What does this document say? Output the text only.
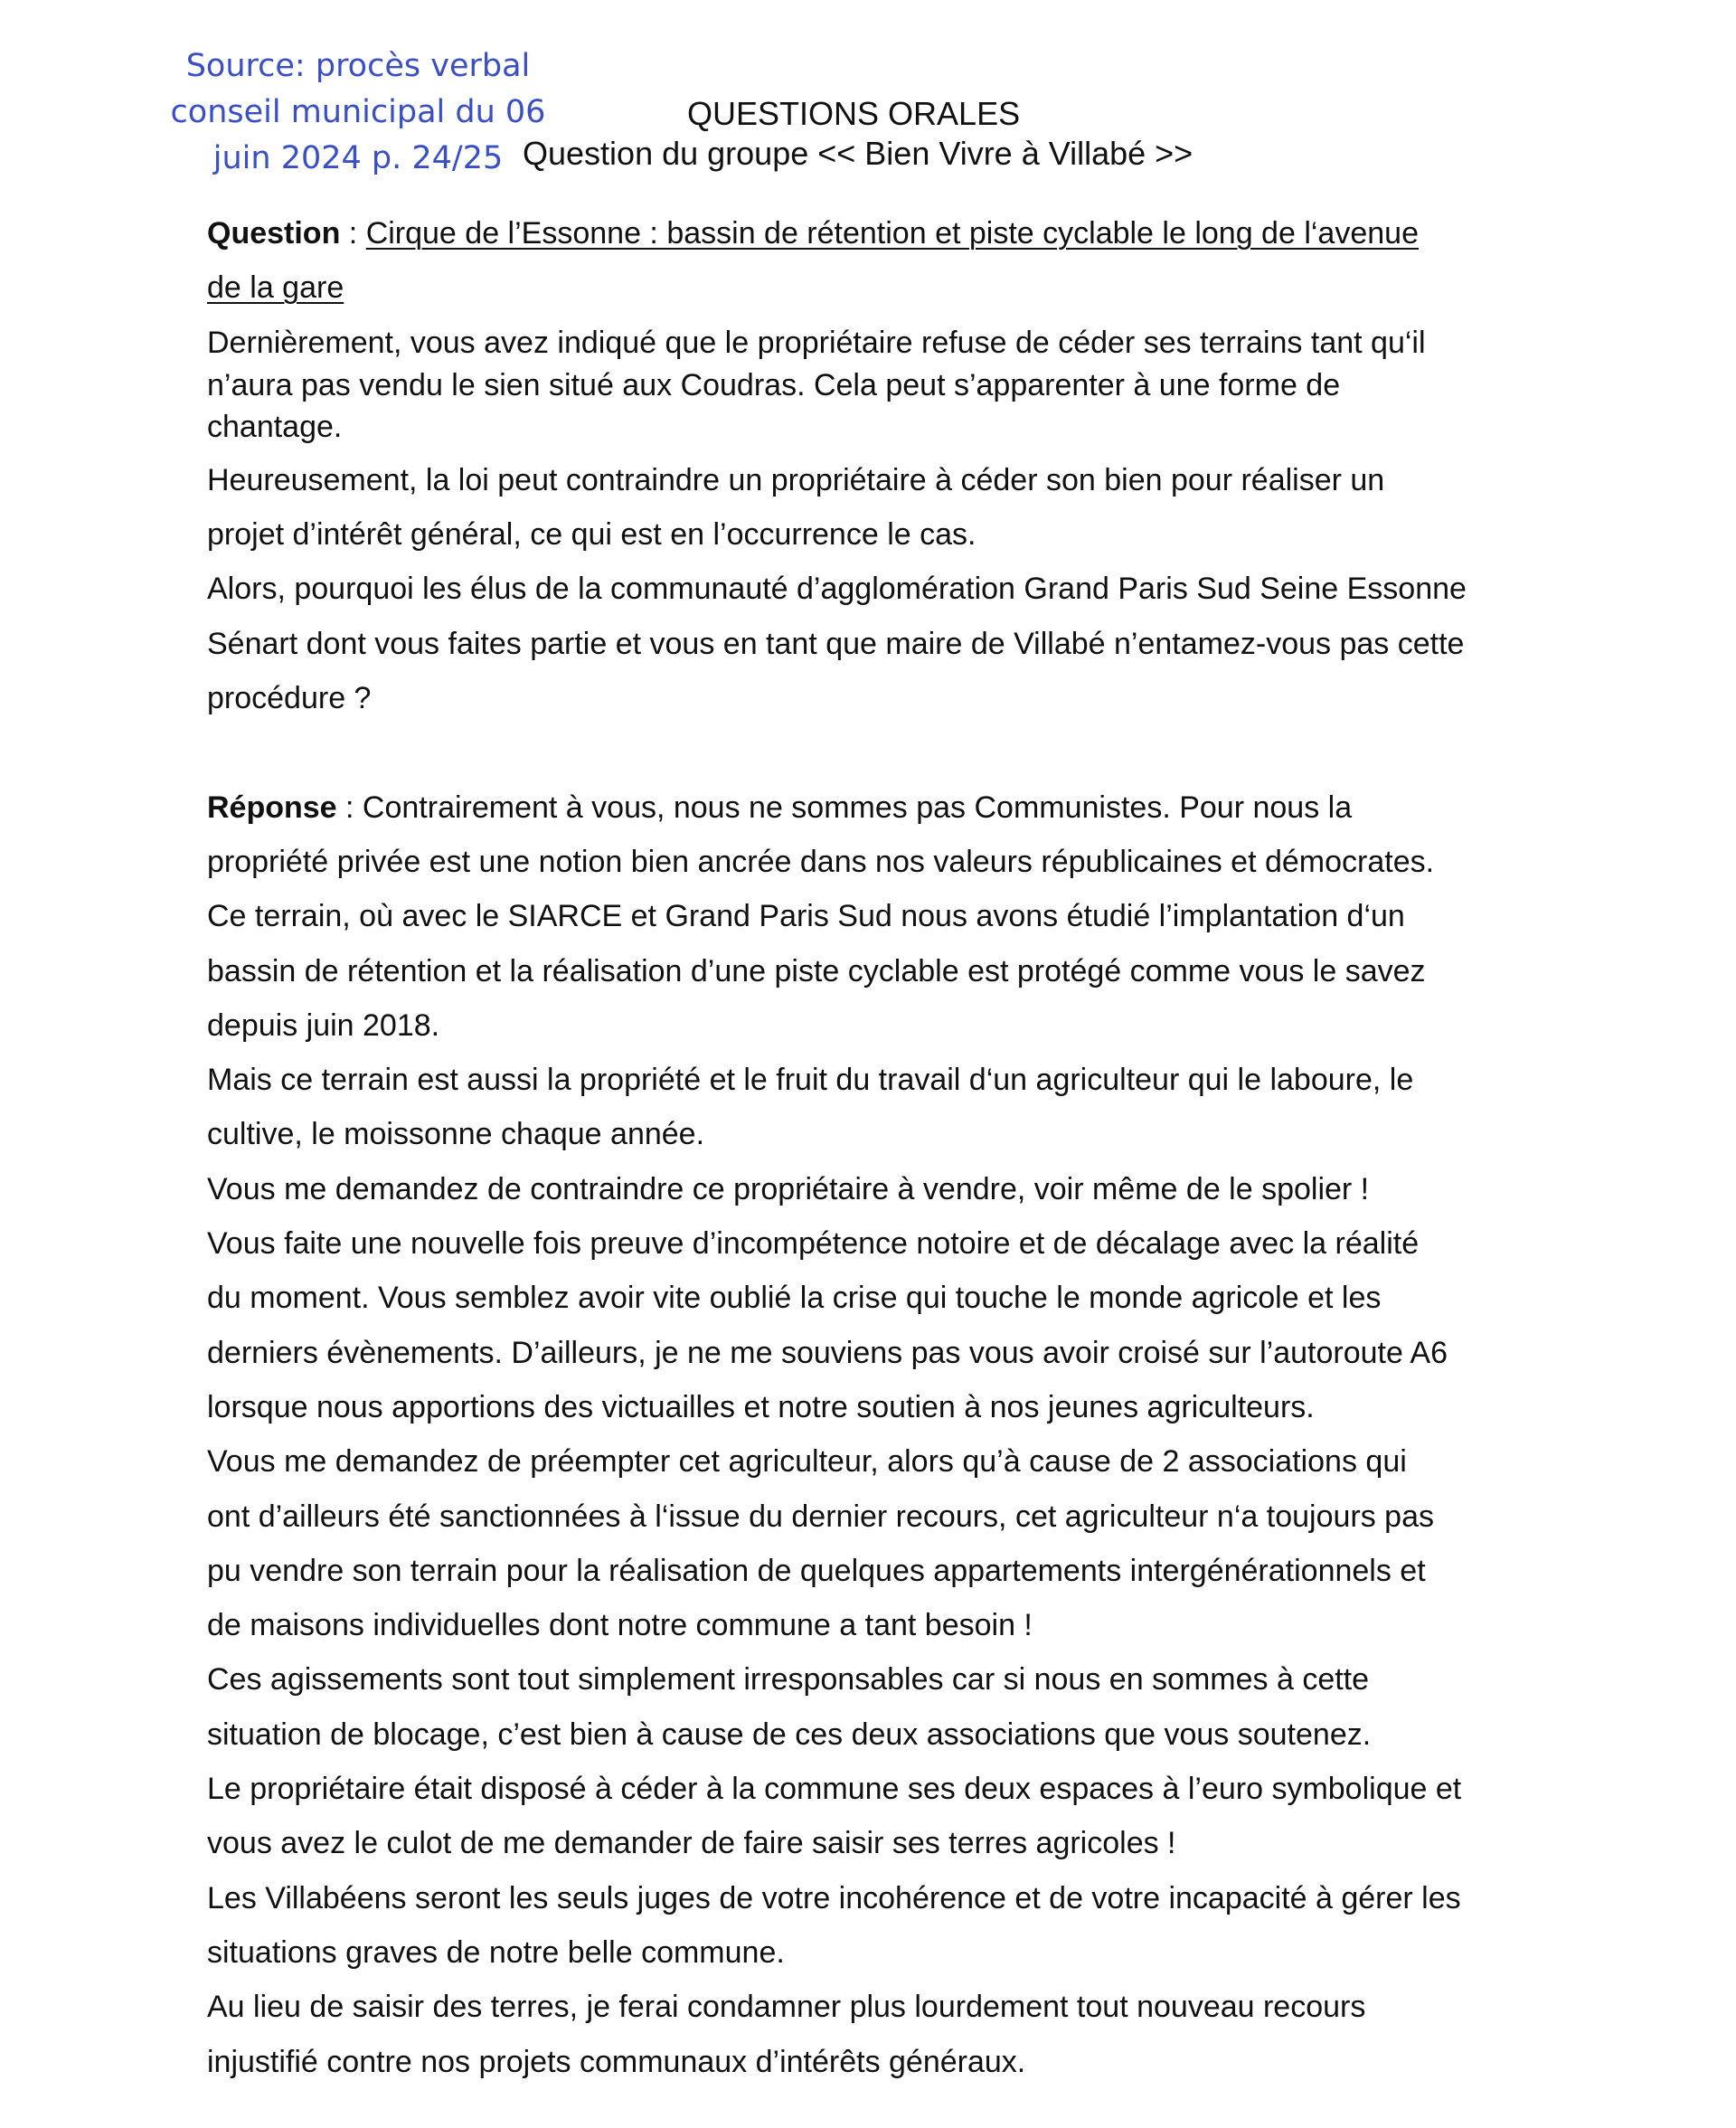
Source: procès verbal
conseil municipal du 06
juin 2024 p. 24/25
QUESTIONS ORALES
Question du groupe << Bien Vivre à Villabé >>
Question : Cirque de l’Essonne : bassin de rétention et piste cyclable le long de l‘avenue
de la gare
Dernièrement, vous avez indiqué que le propriétaire refuse de céder ses terrains tant qu‘il
n’aura pas vendu le sien situé aux Coudras. Cela peut s’apparenter à une forme de
chantage.
Heureusement, la loi peut contraindre un propriétaire à céder son bien pour réaliser un
projet d’intérêt général, ce qui est en l’occurrence le cas.
Alors, pourquoi les élus de la communauté d’agglomération Grand Paris Sud Seine Essonne
Sénart dont vous faites partie et vous en tant que maire de Villabé n’entamez-vous pas cette
procédure ?
Réponse : Contrairement à vous, nous ne sommes pas Communistes. Pour nous la
propriété privée est une notion bien ancrée dans nos valeurs républicaines et démocrates.
Ce terrain, où avec le SIARCE et Grand Paris Sud nous avons étudié l’implantation d‘un
bassin de rétention et la réalisation d’une piste cyclable est protégé comme vous le savez
depuis juin 2018.
Mais ce terrain est aussi la propriété et le fruit du travail d‘un agriculteur qui le laboure, le
cultive, le moissonne chaque année.
Vous me demandez de contraindre ce propriétaire à vendre, voir même de le spolier !
Vous faite une nouvelle fois preuve d’incompétence notoire et de décalage avec la réalité
du moment. Vous semblez avoir vite oublié la crise qui touche le monde agricole et les
derniers évènements. D’ailleurs, je ne me souviens pas vous avoir croisé sur l’autoroute A6
lorsque nous apportions des victuailles et notre soutien à nos jeunes agriculteurs.
Vous me demandez de préempter cet agriculteur, alors qu’à cause de 2 associations qui
ont d’ailleurs été sanctionnées à l‘issue du dernier recours, cet agriculteur n‘a toujours pas
pu vendre son terrain pour la réalisation de quelques appartements intergénérationnels et
de maisons individuelles dont notre commune a tant besoin !
Ces agissements sont tout simplement irresponsables car si nous en sommes à cette
situation de blocage, c’est bien à cause de ces deux associations que vous soutenez.
Le propriétaire était disposé à céder à la commune ses deux espaces à l’euro symbolique et
vous avez le culot de me demander de faire saisir ses terres agricoles !
Les Villabéens seront les seuls juges de votre incohérence et de votre incapacité à gérer les
situations graves de notre belle commune.
Au lieu de saisir des terres, je ferai condamner plus lourdement tout nouveau recours
injustifié contre nos projets communaux d’intérêts généraux.
